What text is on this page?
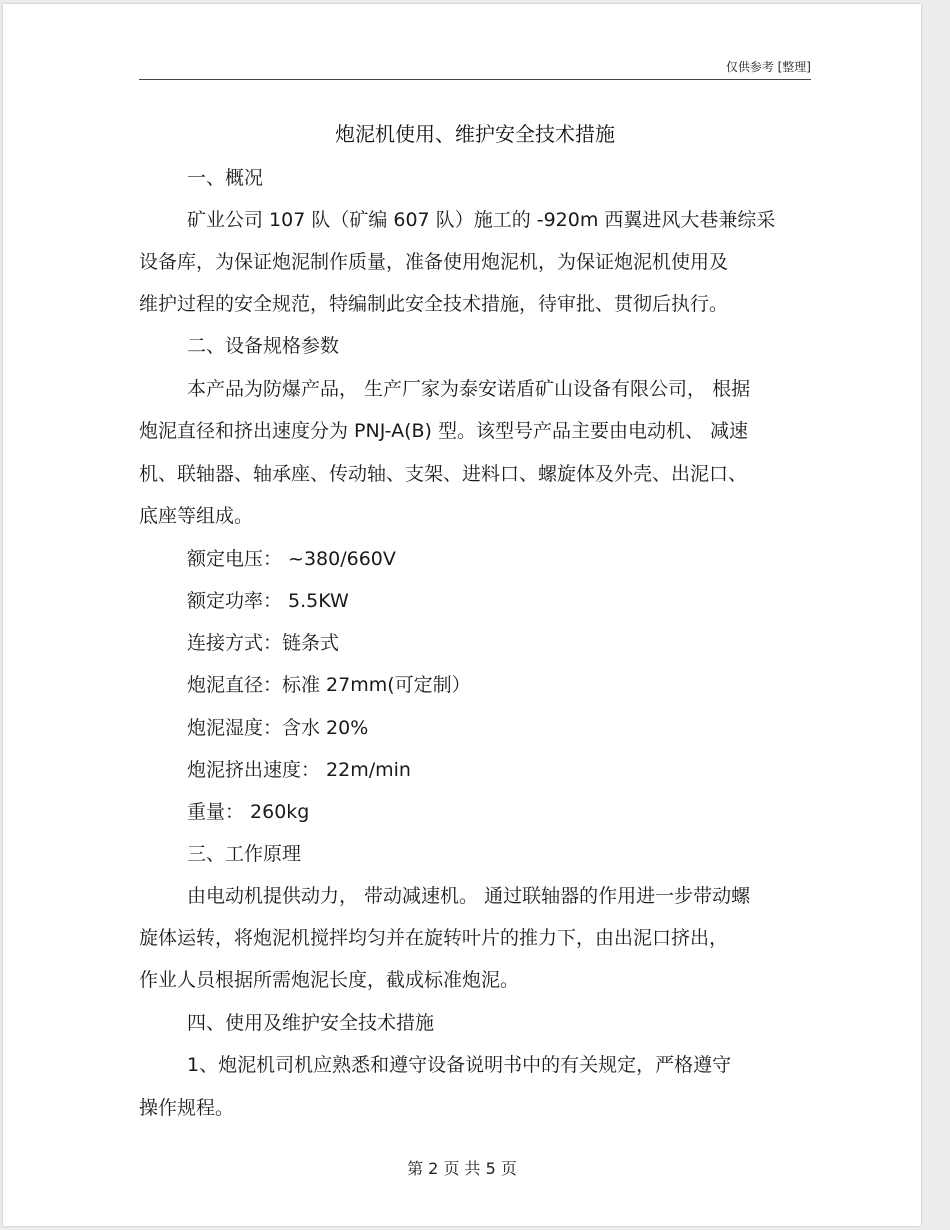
仅供参考 [整理]
炮泥机使用、维护安全技术措施
一、概况
矿业公司 107 队（矿编 607 队）施工的 -920m 西翼进风大巷兼综采
设备库，为保证炮泥制作质量，准备使用炮泥机，为保证炮泥机使用及
维护过程的安全规范，特编制此安全技术措施，待审批、贯彻后执行。
二、设备规格参数
本产品为防爆产品， 生产厂家为泰安诺盾矿山设备有限公司， 根据
炮泥直径和挤出速度分为 PNJ-A(B) 型。该型号产品主要由电动机、 减速
机、联轴器、轴承座、传动轴、支架、进料口、螺旋体及外壳、出泥口、
底座等组成。
额定电压： ~380/660V
额定功率： 5.5KW
连接方式：链条式
炮泥直径：标准 27mm(可定制）
炮泥湿度：含水 20%
炮泥挤出速度： 22m/min
重量： 260kg
三、工作原理
由电动机提供动力， 带动减速机。 通过联轴器的作用进一步带动螺
旋体运转，将炮泥机搅拌均匀并在旋转叶片的推力下，由出泥口挤出，
作业人员根据所需炮泥长度，截成标准炮泥。
四、使用及维护安全技术措施
1、炮泥机司机应熟悉和遵守设备说明书中的有关规定，严格遵守
操作规程。
第 2 页 共 5 页
